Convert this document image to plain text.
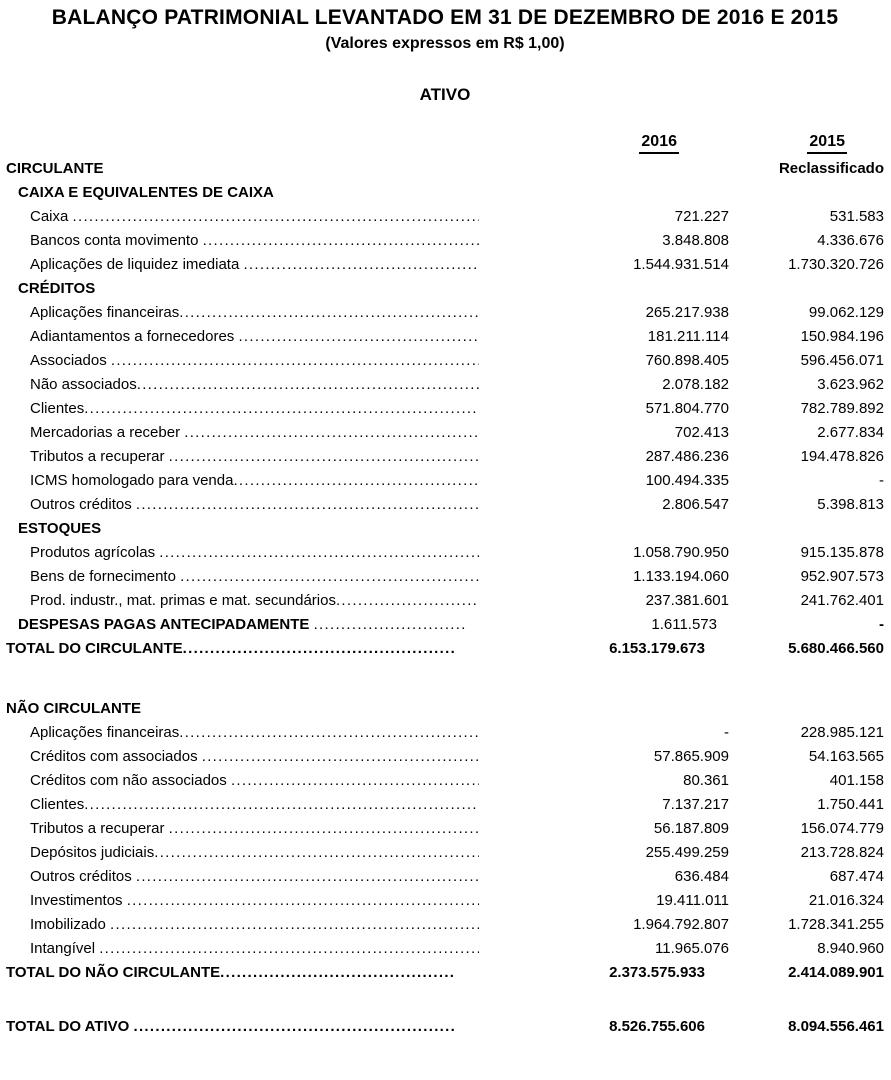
BALANÇO PATRIMONIAL LEVANTADO EM 31 DE DEZEMBRO DE 2016 E 2015
(Valores expressos em R$ 1,00)
ATIVO
2016	2015
CIRCULANTE	Reclassificado
CAIXA E EQUIVALENTES DE CAIXA
Caixa .....	721.227	531.583
Bancos conta movimento .....	3.848.808	4.336.676
Aplicações de liquidez imediata .....	1.544.931.514	1.730.320.726
CRÉDITOS
Aplicações financeiras .....	265.217.938	99.062.129
Adiantamentos a fornecedores .....	181.211.114	150.984.196
Associados .....	760.898.405	596.456.071
Não associados .....	2.078.182	3.623.962
Clientes .....	571.804.770	782.789.892
Mercadorias a receber .....	702.413	2.677.834
Tributos a recuperar .....	287.486.236	194.478.826
ICMS homologado para venda .....	100.494.335	-
Outros créditos .....	2.806.547	5.398.813
ESTOQUES
Produtos agrícolas .....	1.058.790.950	915.135.878
Bens de fornecimento .....	1.133.194.060	952.907.573
Prod. industr., mat. primas e mat. secundários .....	237.381.601	241.762.401
DESPESAS PAGAS ANTECIPADAMENTE .....	1.611.573	-
TOTAL DO CIRCULANTE .....	6.153.179.673	5.680.466.560
NÃO CIRCULANTE
Aplicações financeiras .....	-	228.985.121
Créditos com associados .....	57.865.909	54.163.565
Créditos com não associados .....	80.361	401.158
Clientes .....	7.137.217	1.750.441
Tributos a recuperar .....	56.187.809	156.074.779
Depósitos judiciais .....	255.499.259	213.728.824
Outros créditos .....	636.484	687.474
Investimentos .....	19.411.011	21.016.324
Imobilizado .....	1.964.792.807	1.728.341.255
Intangível .....	11.965.076	8.940.960
TOTAL DO NÃO CIRCULANTE .....	2.373.575.933	2.414.089.901
TOTAL DO ATIVO .....	8.526.755.606	8.094.556.461
